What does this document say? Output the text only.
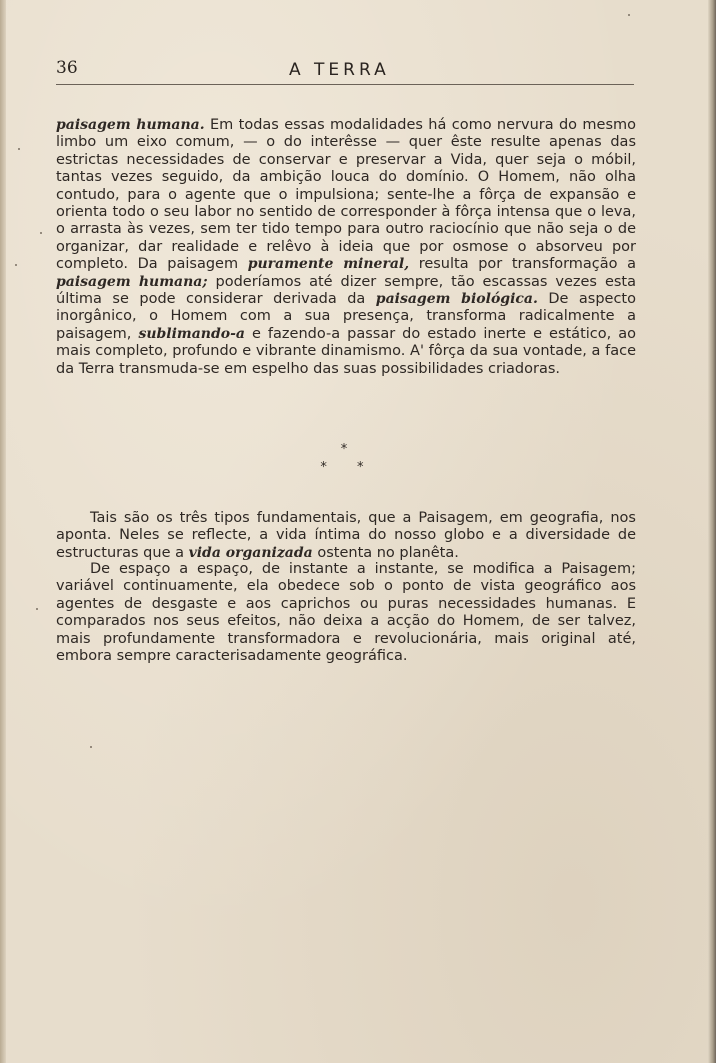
36	A TERRA

paisagem humana. Em todas essas modalidades há como nervura do mesmo limbo um eixo comum, — o do interêsse — quer êste resulte apenas das estrictas necessidades de conservar e preservar a Vida, quer seja o móbil, tantas vezes seguido, da ambição louca do domínio. O Homem, não olha contudo, para o agente que o impulsiona; sente-lhe a fôrça de expansão e orienta todo o seu labor no sentido de corresponder à fôrça intensa que o leva, o arrasta às vezes, sem ter tido tempo para outro raciocínio que não seja o de organizar, dar realidade e relêvo à ideia que por osmose o absorveu por completo. Da paisagem puramente mineral, resulta por transformação a paisagem humana; poderíamos até dizer sempre, tão escassas vezes esta última se pode considerar derivada da paisagem biológica. De aspecto inorgânico, o Homem com a sua presença, transforma radicalmente a paisagem, sublimando-a e fazendo-a passar do estado inerte e estático, ao mais completo, profundo e vibrante dinamismo. A' fôrça da sua vontade, a face da Terra transmuda-se em espelho das suas possibilidades criadoras.

*
* *

Tais são os três tipos fundamentais, que a Paisagem, em geografia, nos aponta. Neles se reflecte, a vida íntima do nosso globo e a diversidade de estructuras que a vida organizada ostenta no planêta.

De espaço a espaço, de instante a instante, se modifica a Paisagem; variável continuamente, ela obedece sob o ponto de vista geográfico aos agentes de desgaste e aos caprichos ou puras necessidades humanas. E comparados nos seus efeitos, não deixa a acção do Homem, de ser talvez, mais profundamente transformadora e revolucionária, mais original até, embora sempre caracterisadamente geográfica.
